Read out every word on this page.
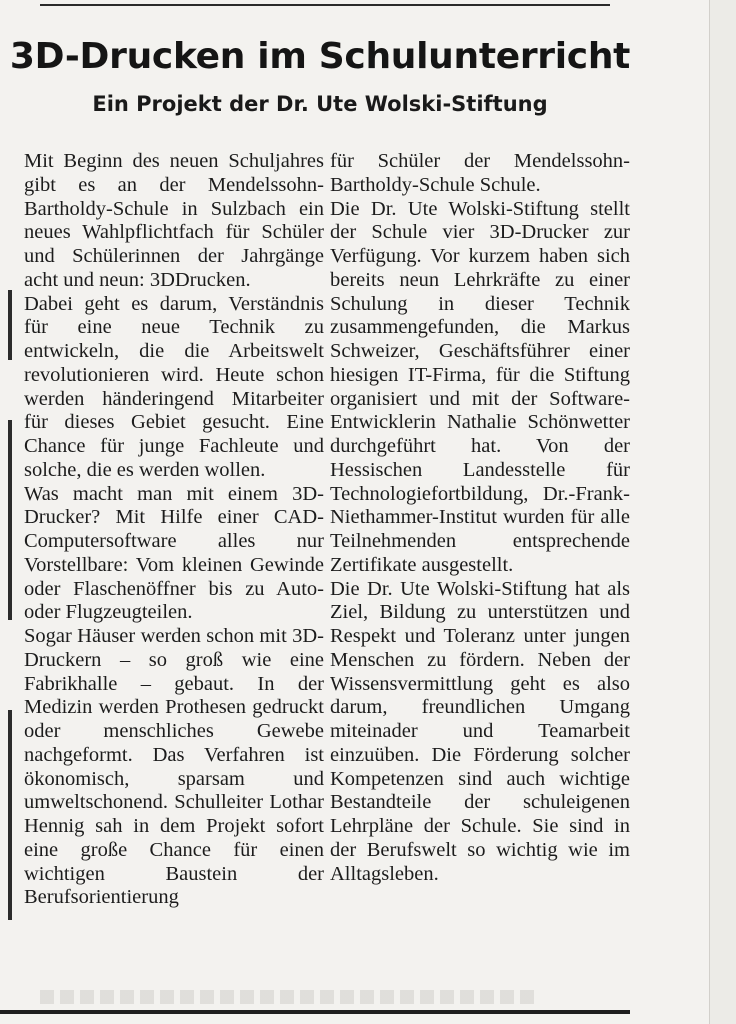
3D-Drucken im Schulunterricht
Ein Projekt der Dr. Ute Wolski-Stiftung

Mit Beginn des neuen Schuljahres gibt es an der Mendelssohn-Bartholdy-Schule in Sulzbach ein neues Wahlpflichtfach für Schüler und Schülerinnen der Jahrgänge acht und neun: 3DDrucken.

Dabei geht es darum, Verständnis für eine neue Technik zu entwickeln, die die Arbeitswelt revolutionieren wird. Heute schon werden händeringend Mitarbeiter für dieses Gebiet gesucht. Eine Chance für junge Fachleute und solche, die es werden wollen.

Was macht man mit einem 3D-Drucker? Mit Hilfe einer CAD-Computersoftware alles nur Vorstellbare: Vom kleinen Gewinde oder Flaschenöffner bis zu Auto- oder Flugzeugteilen.

Sogar Häuser werden schon mit 3D-Druckern – so groß wie eine Fabrikhalle – gebaut. In der Medizin werden Prothesen gedruckt oder menschliches Gewebe nachgeformt. Das Verfahren ist ökonomisch, sparsam und umweltschonend. Schulleiter Lothar Hennig sah in dem Projekt sofort eine große Chance für einen wichtigen Baustein der Berufsorientierung

für Schüler der Mendelssohn-Bartholdy-Schule Schule.

Die Dr. Ute Wolski-Stiftung stellt der Schule vier 3D-Drucker zur Verfügung. Vor kurzem haben sich bereits neun Lehrkräfte zu einer Schulung in dieser Technik zusammengefunden, die Markus Schweizer, Geschäftsführer einer hiesigen IT-Firma, für die Stiftung organisiert und mit der Software- Entwicklerin Nathalie Schönwetter durchgeführt hat. Von der Hessischen Landesstelle für Technologiefortbildung, Dr.-Frank-Niethammer-Institut wurden für alle Teilnehmenden entsprechende Zertifikate ausgestellt.

Die Dr. Ute Wolski-Stiftung hat als Ziel, Bildung zu unterstützen und Respekt und Toleranz unter jungen Menschen zu fördern. Neben der Wissensvermittlung geht es also darum, freundlichen Umgang miteinader und Teamarbeit einzuüben. Die Förderung solcher Kompetenzen sind auch wichtige Bestandteile der schuleigenen Lehrpläne der Schule. Sie sind in der Berufswelt so wichtig wie im Alltagsleben.
